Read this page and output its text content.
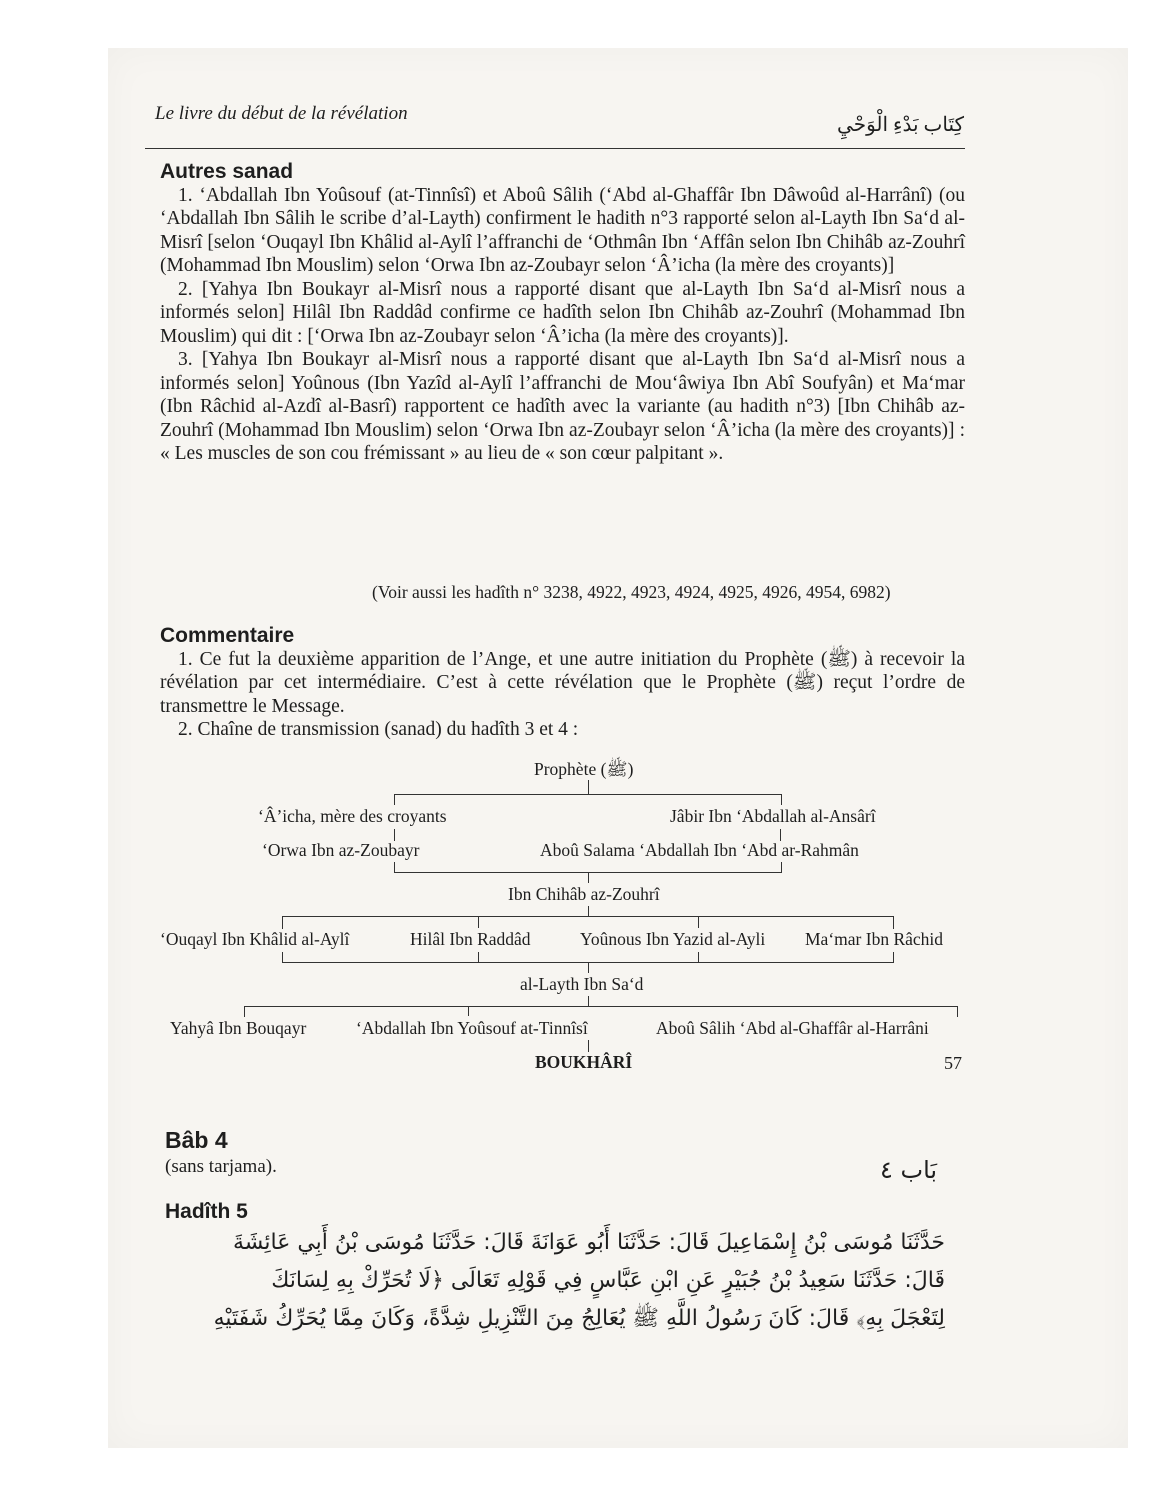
Le livre du début de la révélation
كِتَاب بَدْءِ الْوَحْيِ
Autres sanad

1. ‘Abdallah Ibn Yoûsouf (at-Tinnîsî) et Aboû Sâlih (‘Abd al-Ghaffâr Ibn Dâwoûd al-Harrânî) (ou ‘Abdallah Ibn Sâlih le scribe d’al-Layth) confirment le hadith n°3 rapporté selon al-Layth Ibn Sa‘d al-Misrî [selon ‘Ouqayl Ibn Khâlid al-Aylî l’affranchi de ‘Othmân Ibn ‘Affân selon Ibn Chihâb az-Zouhrî (Mohammad Ibn Mouslim) selon ‘Orwa Ibn az-Zoubayr selon ‘Â’icha (la mère des croyants)]

2. [Yahya Ibn Boukayr al-Misrî nous a rapporté disant que al-Layth Ibn Sa‘d al-Misrî nous a informés selon] Hilâl Ibn Raddâd confirme ce hadîth selon Ibn Chihâb az-Zouhrî (Mohammad Ibn Mouslim) qui dit : [‘Orwa Ibn az-Zoubayr selon ‘Â’icha (la mère des croyants)].

3. [Yahya Ibn Boukayr al-Misrî nous a rapporté disant que al-Layth Ibn Sa‘d al-Misrî nous a informés selon] Yoûnous (Ibn Yazîd al-Aylî l’affranchi de Mou‘âwiya Ibn Abî Soufyân) et Ma‘mar (Ibn Râchid al-Azdî al-Basrî) rapportent ce hadîth avec la variante (au hadith n°3) [Ibn Chihâb az-Zouhrî (Mohammad Ibn Mouslim) selon ‘Orwa Ibn az-Zoubayr selon ‘Â’icha (la mère des croyants)] : « Les muscles de son cou frémissant » au lieu de « son cœur palpitant ».

(Voir aussi les hadîth n° 3238, 4922, 4923, 4924, 4925, 4926, 4954, 6982)
Commentaire

1. Ce fut la deuxième apparition de l’Ange, et une autre initiation du Prophète (ﷺ) à recevoir la révélation par cet intermédiaire. C’est à cette révélation que le Prophète (ﷺ) reçut l’ordre de transmettre le Message.

2. Chaîne de transmission (sanad) du hadîth 3 et 4 :

Prophète (ﷺ)
‘Â’icha, mère des croyants	Jâbir Ibn ‘Abdallah al-Ansârî
‘Orwa Ibn az-Zoubayr	Aboû Salama ‘Abdallah Ibn ‘Abd ar-Rahmân
Ibn Chihâb az-Zouhrî
‘Ouqayl Ibn Khâlid al-Aylî	Hilâl Ibn Raddâd	Yoûnous Ibn Yazid al-Ayli Ma‘mar Ibn Râchid
al-Layth Ibn Sa‘d
Yahyâ Ibn Bouqayr	‘Abdallah Ibn Yoûsouf at-Tinnîsî	Aboû Sâlih ‘Abd al-Ghaffâr al-Harrâni
BOUKHÂRÎ
Bâb 4
(sans tarjama).	بَاب ٤
Hadîth 5
حَدَّثَنَا مُوسَى بْنُ إِسْمَاعِيلَ قَالَ: حَدَّثَنَا أَبُو عَوَانَةَ قَالَ: حَدَّثَنَا مُوسَى بْنُ أَبِي عَائِشَةَ
قَالَ: حَدَّثَنَا سَعِيدُ بْنُ جُبَيْرٍ عَنِ ابْنِ عَبَّاسٍ فِي قَوْلِهِ تَعَالَى ﴿لَا تُحَرِّكْ بِهِ لِسَانَكَ
لِتَعْجَلَ بِهِ﴾ قَالَ: كَانَ رَسُولُ اللَّهِ ﷺ يُعَالِجُ مِنَ التَّنْزِيلِ شِدَّةً، وَكَانَ مِمَّا يُحَرِّكُ شَفَتَيْهِ
57
